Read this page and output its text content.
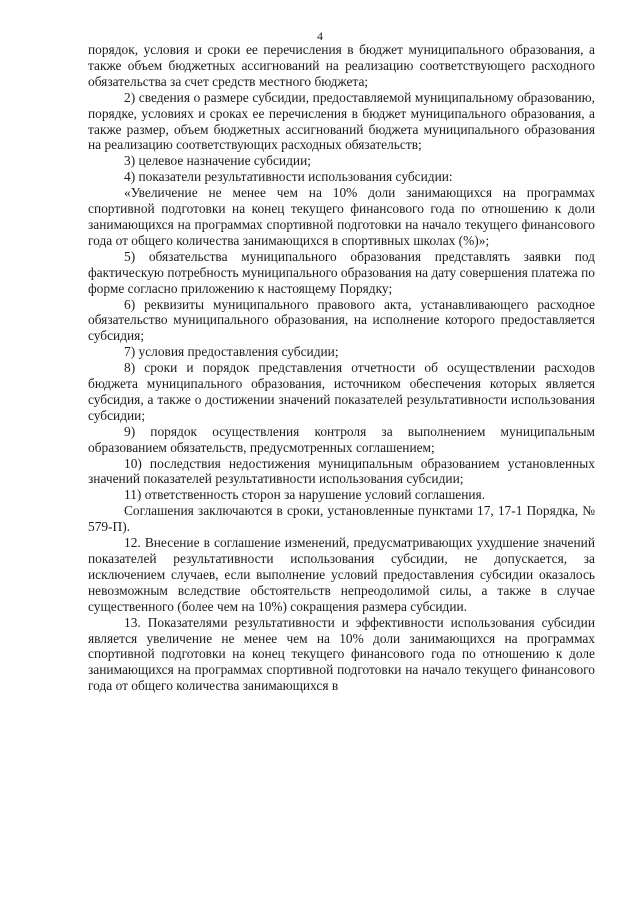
4

порядок, условия и сроки ее перечисления в бюджет муниципального образования, а также объем бюджетных ассигнований на реализацию соответствующего расходного обязательства за счет средств местного бюджета;

2) сведения о размере субсидии, предоставляемой муниципальному образованию, порядке, условиях и сроках ее перечисления в бюджет муниципального образования, а также размер, объем бюджетных ассигнований бюджета муниципального образования на реализацию соответствующих расходных обязательств;

3) целевое назначение субсидии;

4) показатели результативности использования субсидии:

«Увеличение не менее чем на 10% доли занимающихся на программах спортивной подготовки на конец текущего финансового года по отношению к доли занимающихся на программах спортивной подготовки на начало текущего финансового года от общего количества занимающихся в спортивных школах (%)»;

5) обязательства муниципального образования представлять заявки под фактическую потребность муниципального образования на дату совершения платежа по форме согласно приложению к настоящему Порядку;

6) реквизиты муниципального правового акта, устанавливающего расходное обязательство муниципального образования, на исполнение которого предоставляется субсидия;

7) условия предоставления субсидии;

8) сроки и порядок представления отчетности об осуществлении расходов бюджета муниципального образования, источником обеспечения которых является субсидия, а также о достижении значений показателей результативности использования субсидии;

9) порядок осуществления контроля за выполнением муниципальным образованием обязательств, предусмотренных соглашением;

10) последствия недостижения муниципальным образованием установленных значений показателей результативности использования субсидии;

11) ответственность сторон за нарушение условий соглашения.

Соглашения заключаются в сроки, установленные пунктами 17, 17-1 Порядка, № 579-П).

12. Внесение в соглашение изменений, предусматривающих ухудшение значений показателей результативности использования субсидии, не допускается, за исключением случаев, если выполнение условий предоставления субсидии оказалось невозможным вследствие обстоятельств непреодолимой силы, а также в случае существенного (более чем на 10%) сокращения размера субсидии.

13. Показателями результативности и эффективности использования субсидии является увеличение не менее чем на 10% доли занимающихся на программах спортивной подготовки на конец текущего финансового года по отношению к доле занимающихся на программах спортивной подготовки на начало текущего финансового года от общего количества занимающихся в
